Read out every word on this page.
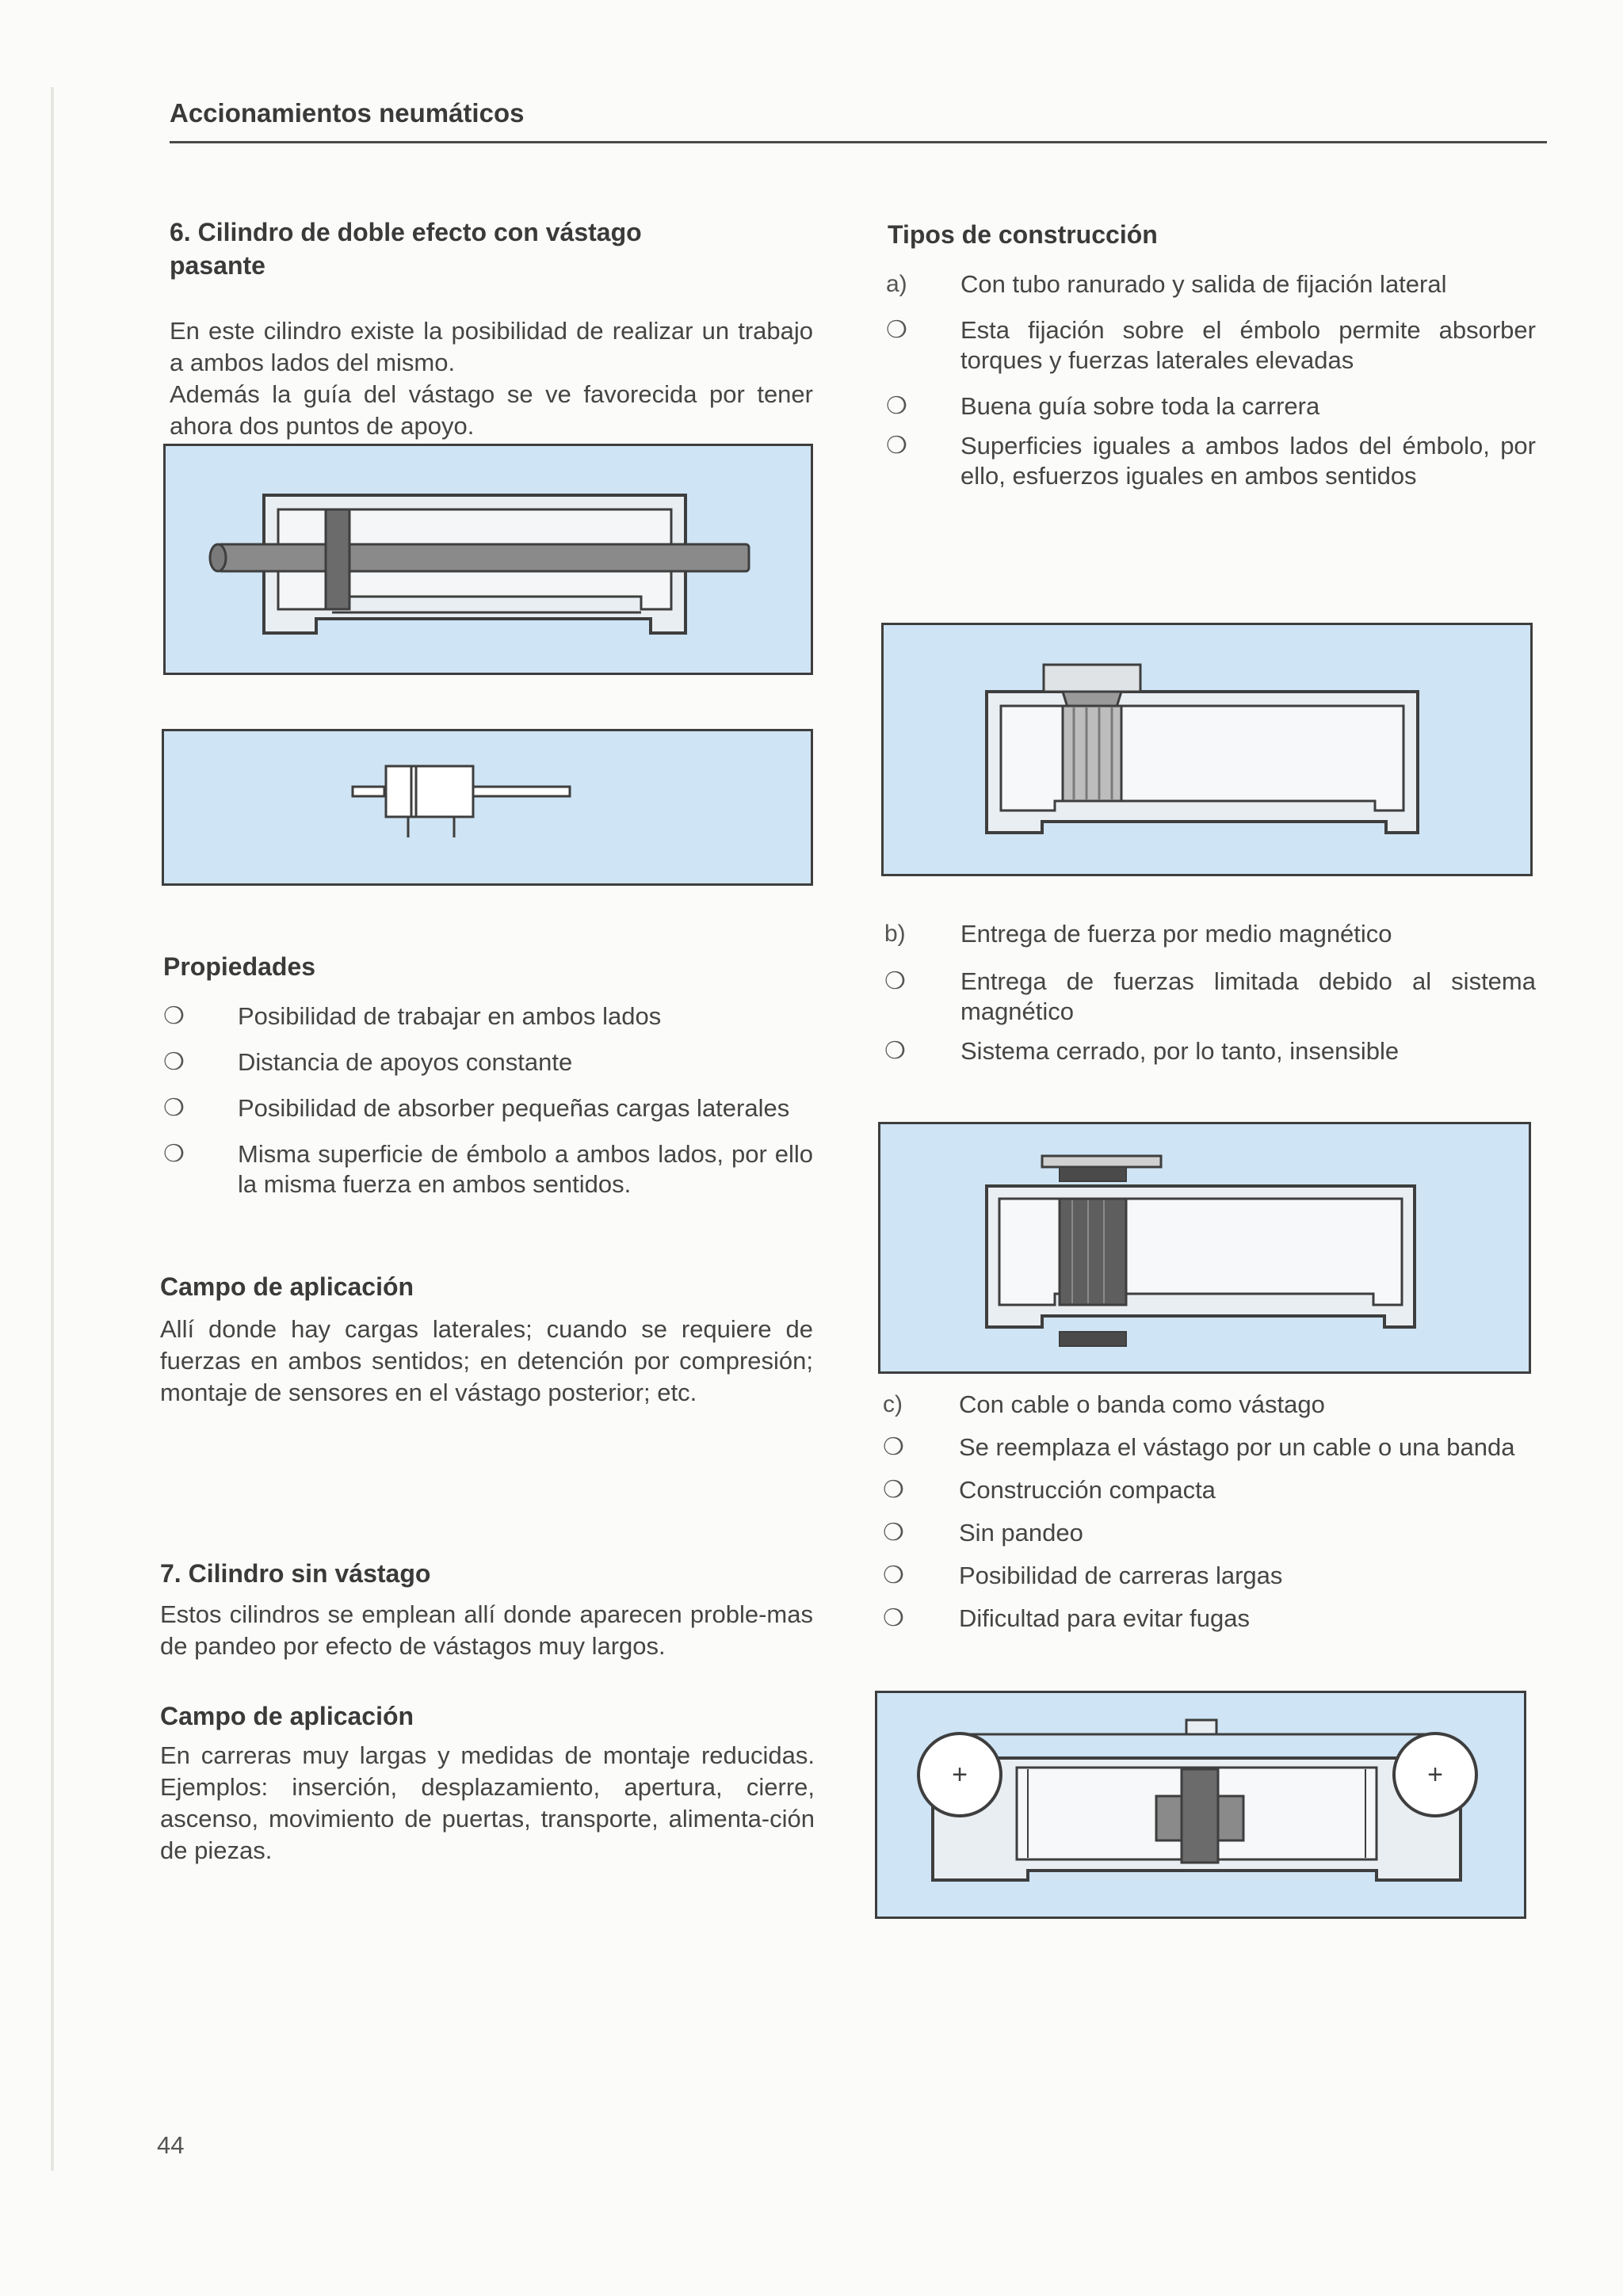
Accionamientos neumáticos
6. Cilindro de doble efecto con vástago
pasante

En este cilindro existe la posibilidad de realizar un trabajo a ambos lados del mismo.

Además la guía del vástago se ve favorecida por tener ahora dos puntos de apoyo.

Propiedades
❍ Posibilidad de trabajar en ambos lados
❍ Distancia de apoyos constante
❍ Posibilidad de absorber pequeñas cargas laterales
❍ Misma superficie de émbolo a ambos lados, por ello la misma fuerza en ambos sentidos.
Campo de aplicación

Allí donde hay cargas laterales; cuando se requiere de fuerzas en ambos sentidos; en detención por compresión; montaje de sensores en el vástago posterior; etc.

7. Cilindro sin vástago

Estos cilindros se emplean allí donde aparecen proble-mas de pandeo por efecto de vástagos muy largos.

Campo de aplicación

En carreras muy largas y medidas de montaje reducidas. Ejemplos: inserción, desplazamiento, apertura, cierre, ascenso, movimiento de puertas, transporte, alimenta-ción de piezas.

Tipos de construcción
a) Con tubo ranurado y salida de fijación lateral
❍ Esta fijación sobre el émbolo permite absorber torques y fuerzas laterales elevadas
❍ Buena guía sobre toda la carrera
❍ Superficies iguales a ambos lados del émbolo, por ello, esfuerzos iguales en ambos sentidos
b) Entrega de fuerza por medio magnético
❍ Entrega de fuerzas limitada debido al sistema magnético
❍ Sistema cerrado, por lo tanto, insensible
c) Con cable o banda como vástago
❍ Se reemplaza el vástago por un cable o una banda
❍ Construcción compacta
❍ Sin pandeo
❍ Posibilidad de carreras largas
❍ Dificultad para evitar fugas
+	+
44
